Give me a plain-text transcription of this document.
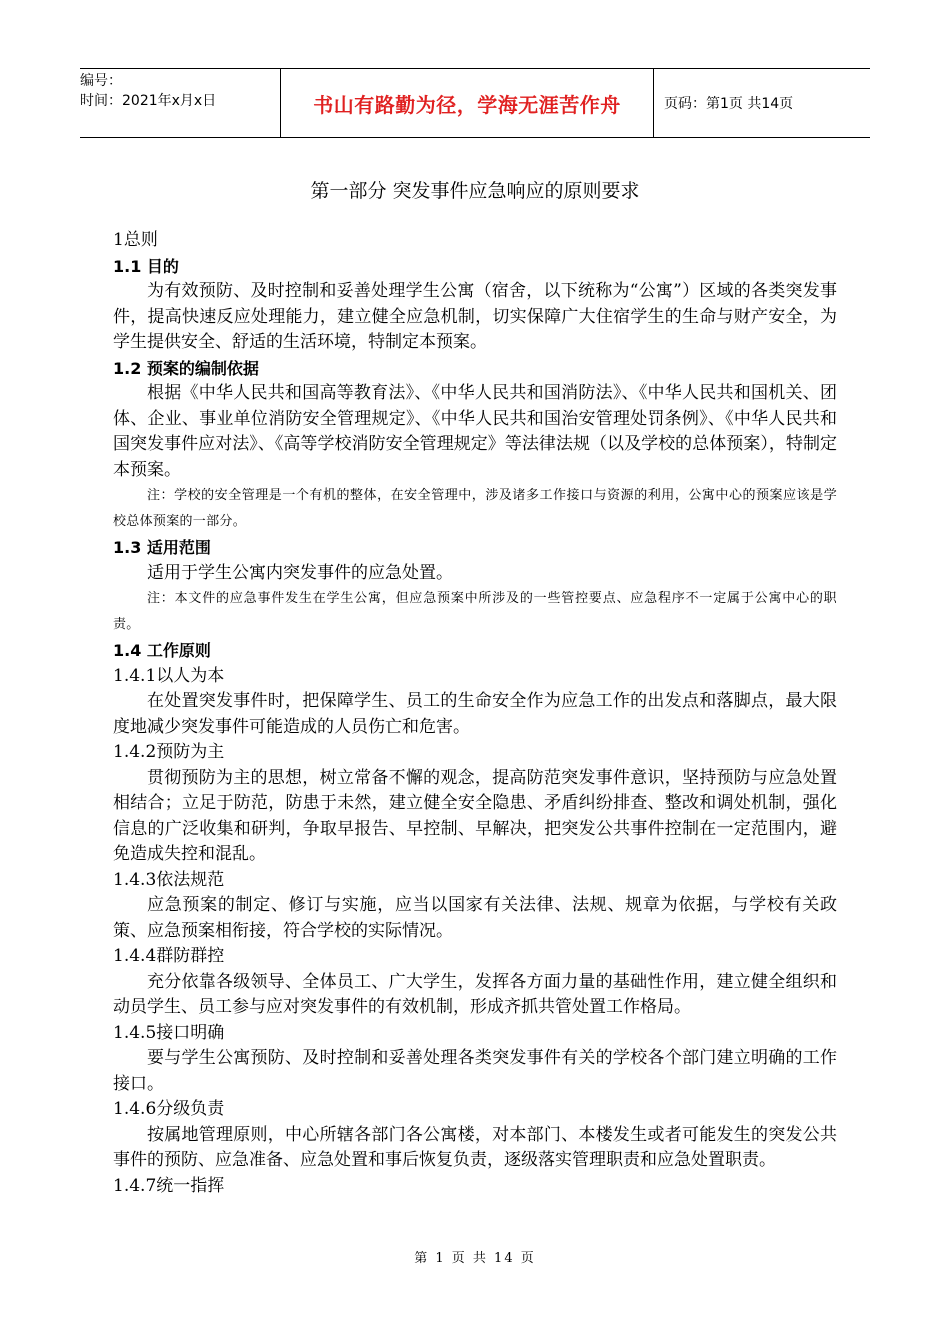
编号：
时间：2021年x月x日	书山有路勤为径，学海无涯苦作舟	页码：第1页 共14页
第一部分 突发事件应急响应的原则要求
1总则
1.1 目的
为有效预防、及时控制和妥善处理学生公寓（宿舍，以下统称为“公寓”）区域的各类突发事件，提高快速反应处理能力，建立健全应急机制，切实保障广大住宿学生的生命与财产安全，为学生提供安全、舒适的生活环境，特制定本预案。
1.2 预案的编制依据
根据《中华人民共和国高等教育法》、《中华人民共和国消防法》、《中华人民共和国机关、团体、企业、事业单位消防安全管理规定》、《中华人民共和国治安管理处罚条例》、《中华人民共和国突发事件应对法》、《高等学校消防安全管理规定》等法律法规（以及学校的总体预案），特制定本预案。
注：学校的安全管理是一个有机的整体，在安全管理中，涉及诸多工作接口与资源的利用，公寓中心的预案应该是学校总体预案的一部分。
1.3 适用范围
适用于学生公寓内突发事件的应急处置。
注：本文件的应急事件发生在学生公寓，但应急预案中所涉及的一些管控要点、应急程序不一定属于公寓中心的职责。
1.4 工作原则
1.4.1以人为本
在处置突发事件时，把保障学生、员工的生命安全作为应急工作的出发点和落脚点，最大限度地减少突发事件可能造成的人员伤亡和危害。
1.4.2预防为主
贯彻预防为主的思想，树立常备不懈的观念，提高防范突发事件意识，坚持预防与应急处置相结合；立足于防范，防患于未然，建立健全安全隐患、矛盾纠纷排查、整改和调处机制，强化信息的广泛收集和研判，争取早报告、早控制、早解决，把突发公共事件控制在一定范围内，避免造成失控和混乱。
1.4.3依法规范
应急预案的制定、修订与实施，应当以国家有关法律、法规、规章为依据，与学校有关政策、应急预案相衔接，符合学校的实际情况。
1.4.4群防群控
充分依靠各级领导、全体员工、广大学生，发挥各方面力量的基础性作用，建立健全组织和动员学生、员工参与应对突发事件的有效机制，形成齐抓共管处置工作格局。
1.4.5接口明确
要与学生公寓预防、及时控制和妥善处理各类突发事件有关的学校各个部门建立明确的工作接口。
1.4.6分级负责
按属地管理原则，中心所辖各部门各公寓楼，对本部门、本楼发生或者可能发生的突发公共事件的预防、应急准备、应急处置和事后恢复负责，逐级落实管理职责和应急处置职责。
1.4.7统一指挥
第 1 页 共 14 页
